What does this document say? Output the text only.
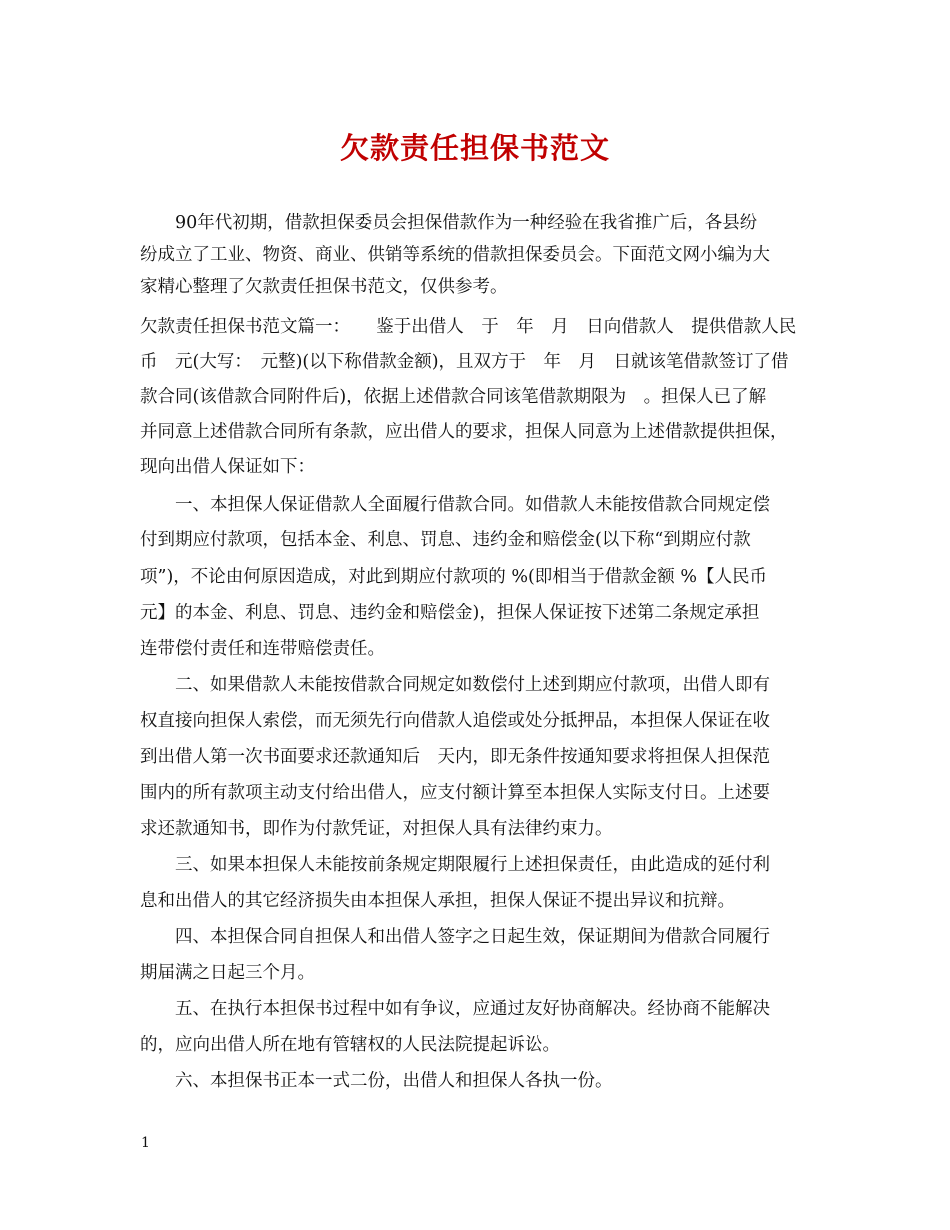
欠款责任担保书范文
90年代初期，借款担保委员会担保借款作为一种经验在我省推广后，各县纷
纷成立了工业、物资、商业、供销等系统的借款担保委员会。下面范文网小编为大
家精心整理了欠款责任担保书范文，仅供参考。
欠款责任担保书范文篇一：　　鉴于出借人　于　年　月　日向借款人　提供借款人民
币　元(大写：　元整)(以下称借款金额)，且双方于　年　月　日就该笔借款签订了借
款合同(该借款合同附件后)，依据上述借款合同该笔借款期限为　。担保人已了解
并同意上述借款合同所有条款，应出借人的要求，担保人同意为上述借款提供担保，
现向出借人保证如下：
一、本担保人保证借款人全面履行借款合同。如借款人未能按借款合同规定偿
付到期应付款项，包括本金、利息、罚息、违约金和赔偿金(以下称“到期应付款
项”)，不论由何原因造成，对此到期应付款项的 %(即相当于借款金额 %【人民币
元】的本金、利息、罚息、违约金和赔偿金)，担保人保证按下述第二条规定承担
连带偿付责任和连带赔偿责任。
二、如果借款人未能按借款合同规定如数偿付上述到期应付款项，出借人即有
权直接向担保人索偿，而无须先行向借款人追偿或处分抵押品，本担保人保证在收
到出借人第一次书面要求还款通知后　天内，即无条件按通知要求将担保人担保范
围内的所有款项主动支付给出借人，应支付额计算至本担保人实际支付日。上述要
求还款通知书，即作为付款凭证，对担保人具有法律约束力。
三、如果本担保人未能按前条规定期限履行上述担保责任，由此造成的延付利
息和出借人的其它经济损失由本担保人承担，担保人保证不提出异议和抗辩。
四、本担保合同自担保人和出借人签字之日起生效，保证期间为借款合同履行
期届满之日起三个月。
五、在执行本担保书过程中如有争议，应通过友好协商解决。经协商不能解决
的，应向出借人所在地有管辖权的人民法院提起诉讼。
六、本担保书正本一式二份，出借人和担保人各执一份。
1
